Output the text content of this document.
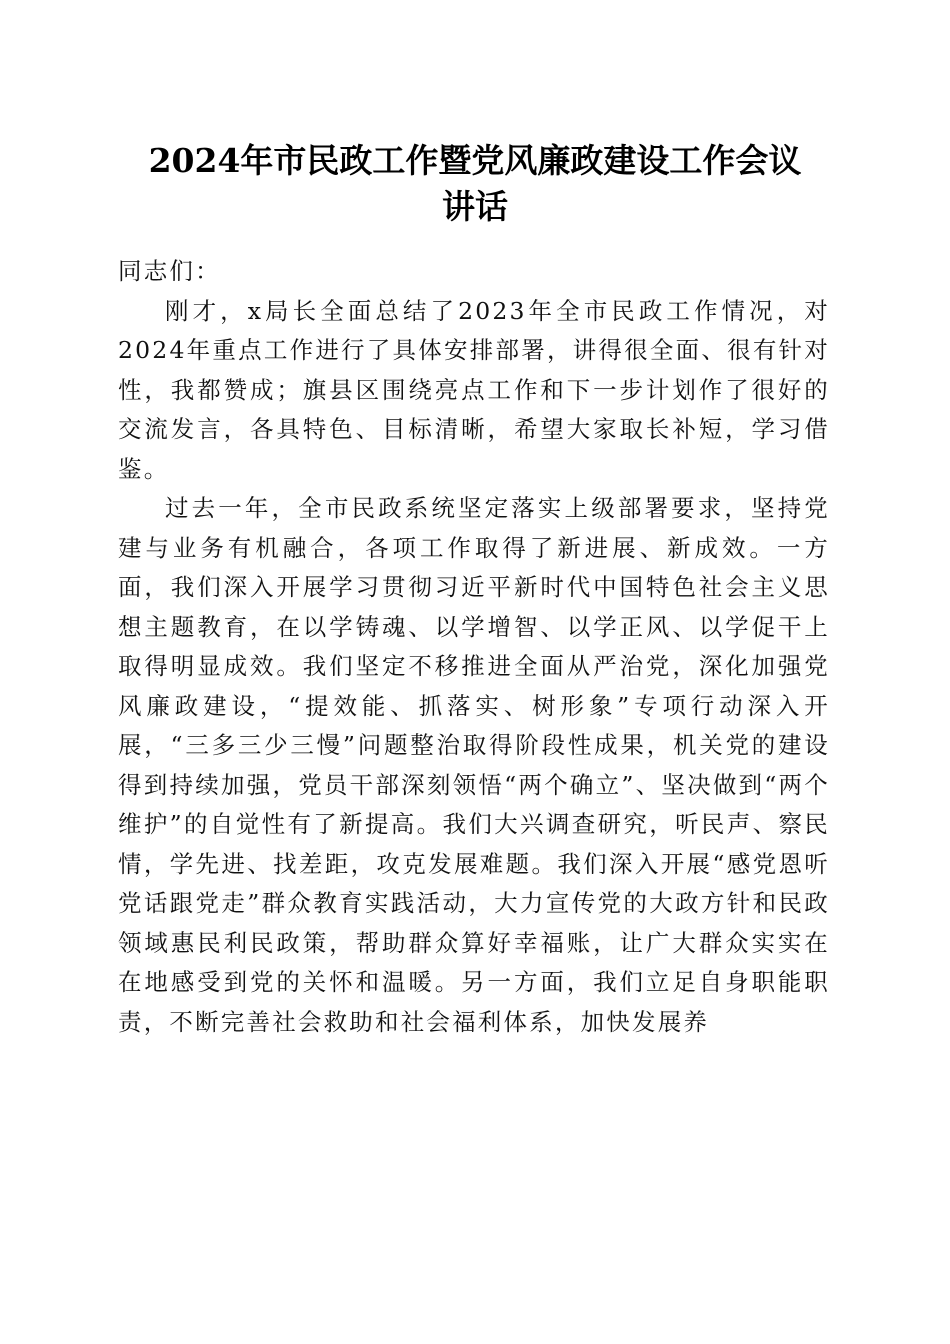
2024年市民政工作暨党风廉政建设工作会议
讲话

同志们：

刚才，x局长全面总结了2023年全市民政工作情况，对2024年重点工作进行了具体安排部署，讲得很全面、很有针对性，我都赞成；旗县区围绕亮点工作和下一步计划作了很好的交流发言，各具特色、目标清晰，希望大家取长补短，学习借鉴。

过去一年，全市民政系统坚定落实上级部署要求，坚持党建与业务有机融合，各项工作取得了新进展、新成效。一方面，我们深入开展学习贯彻习近平新时代中国特色社会主义思想主题教育，在以学铸魂、以学增智、以学正风、以学促干上取得明显成效。我们坚定不移推进全面从严治党，深化加强党风廉政建设，“提效能、抓落实、树形象”专项行动深入开展，“三多三少三慢”问题整治取得阶段性成果，机关党的建设得到持续加强，党员干部深刻领悟“两个确立”、坚决做到“两个维护”的自觉性有了新提高。我们大兴调查研究，听民声、察民情，学先进、找差距，攻克发展难题。我们深入开展“感党恩听党话跟党走”群众教育实践活动，大力宣传党的大政方针和民政领域惠民利民政策，帮助群众算好幸福账，让广大群众实实在在地感受到党的关怀和温暖。另一方面，我们立足自身职能职责，不断完善社会救助和社会福利体系，加快发展养
